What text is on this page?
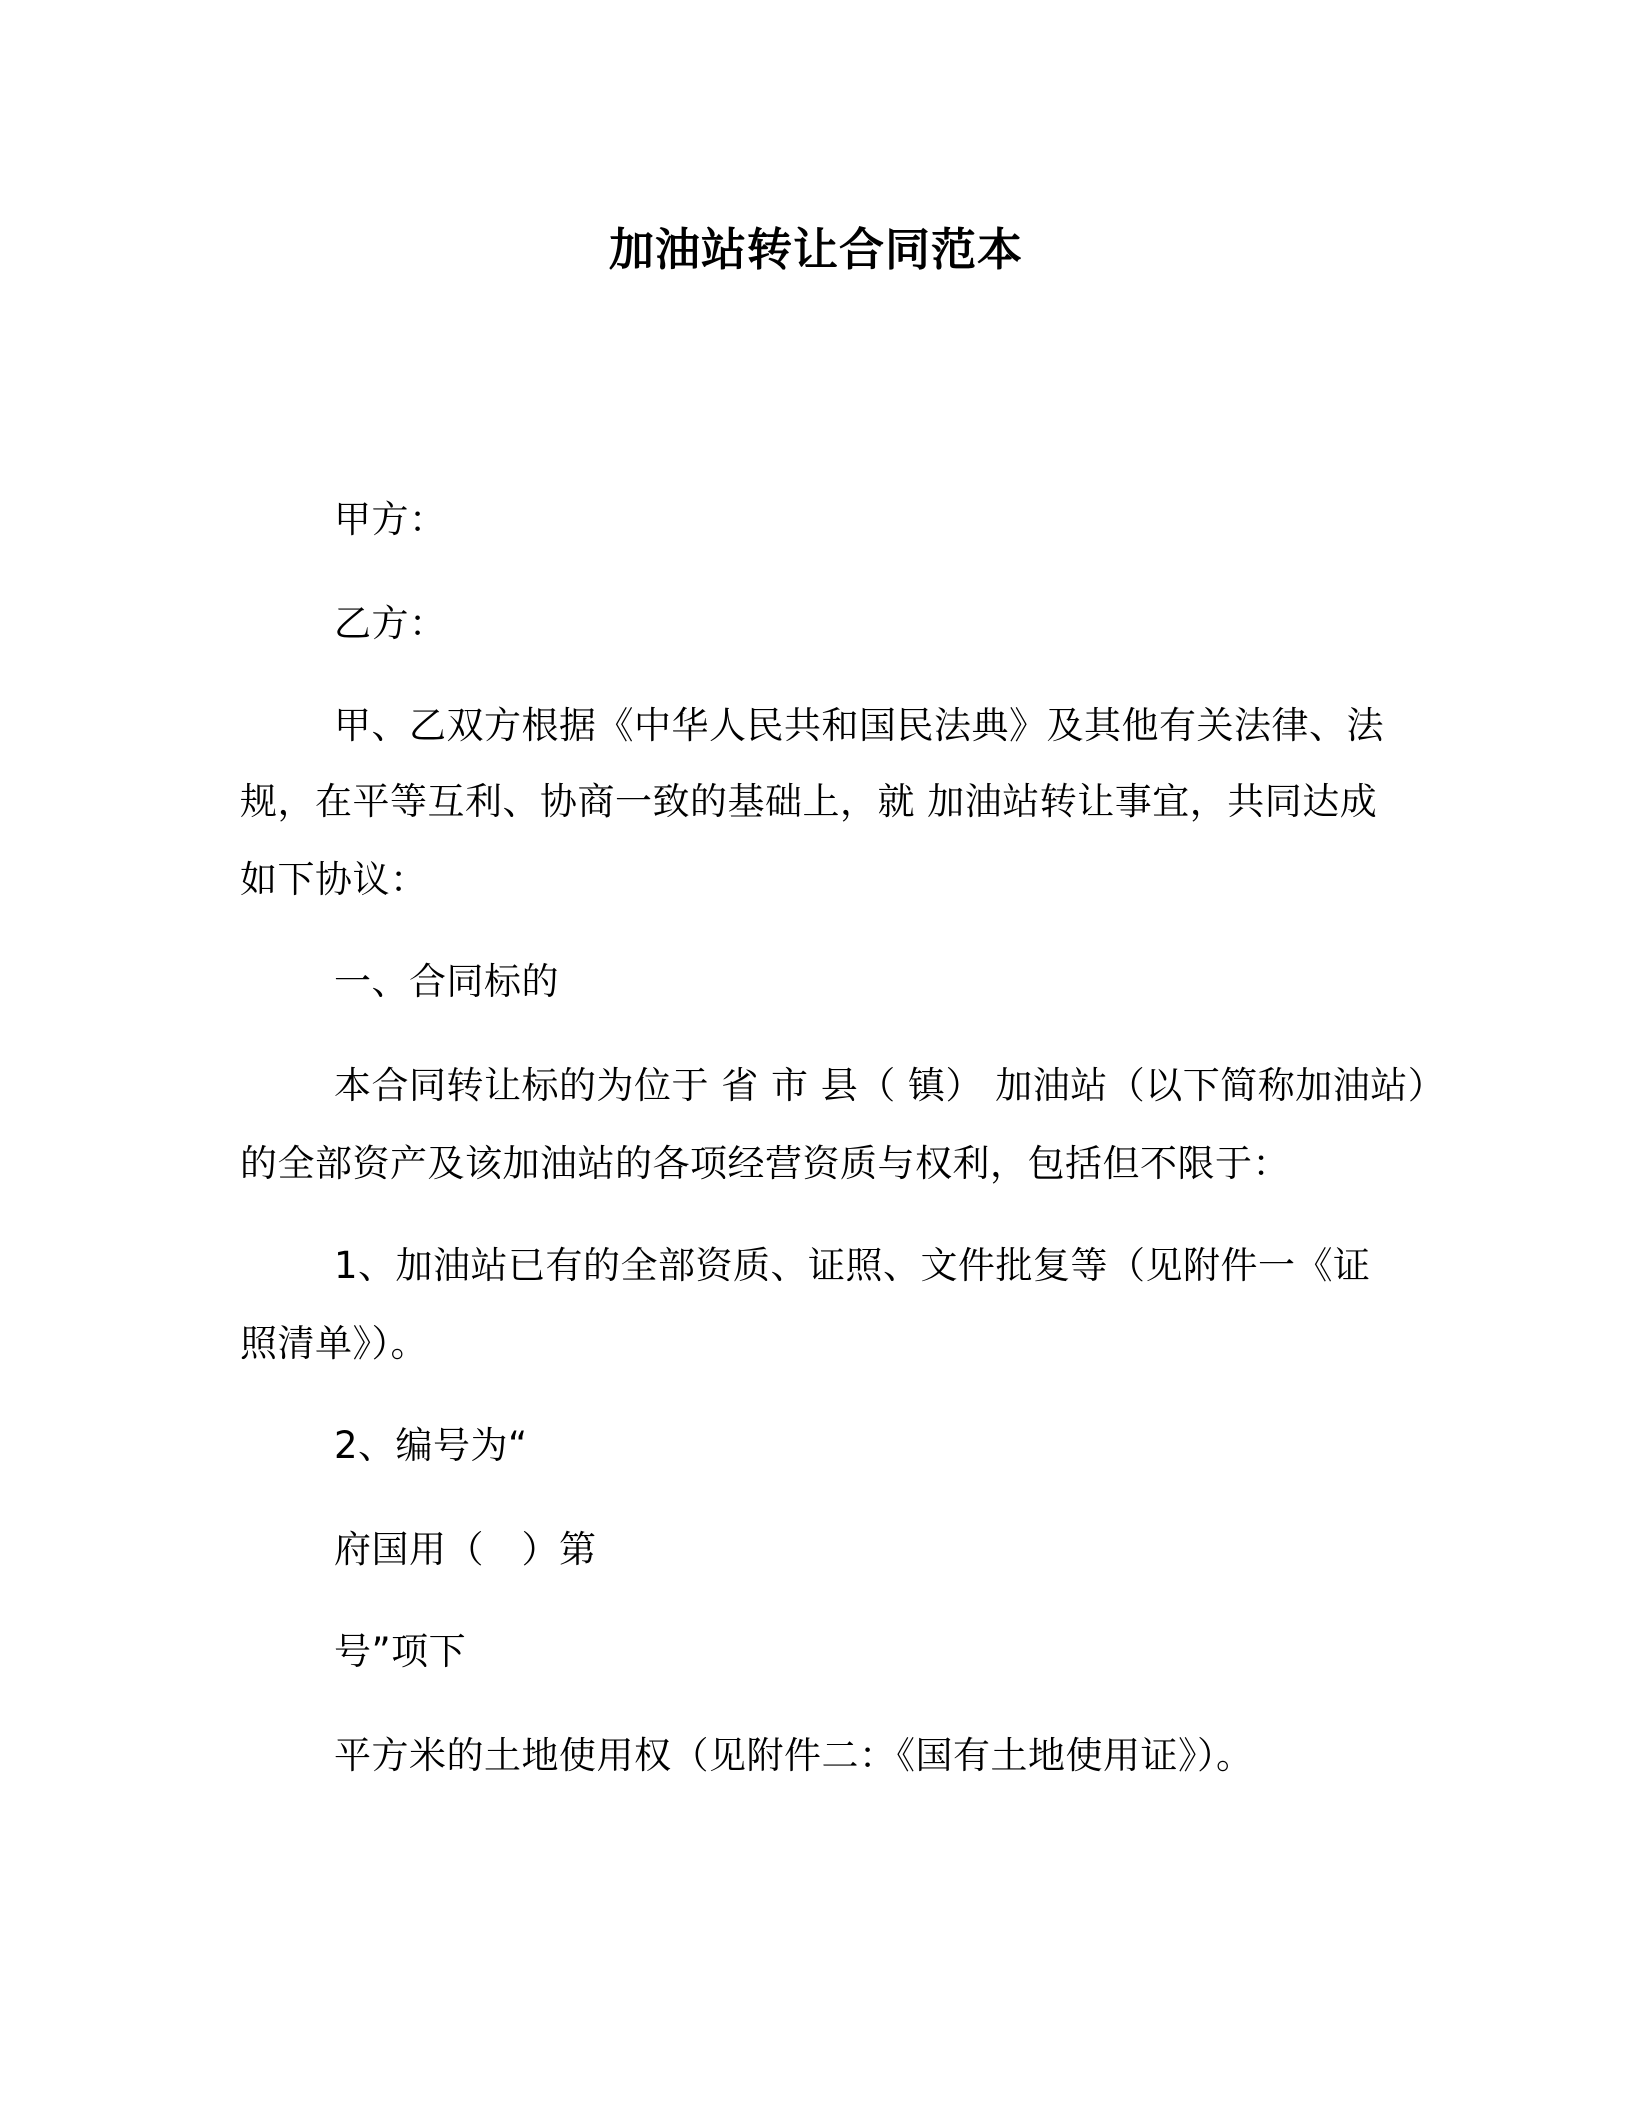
加油站转让合同范本
甲方：
乙方：
甲、乙双方根据《中华人民共和国民法典》及其他有关法律、法
规，在平等互利、协商一致的基础上，就 加油站转让事宜，共同达成
如下协议：
一、合同标的
本合同转让标的为位于 省 市 县（ 镇） 加油站（以下简称加油站）
的全部资产及该加油站的各项经营资质与权利，包括但不限于：
1、加油站已有的全部资质、证照、文件批复等（见附件一《证
照清单》）。
2、编号为“
府国用（　）第
号”项下
平方米的土地使用权（见附件二：《国有土地使用证》）。
